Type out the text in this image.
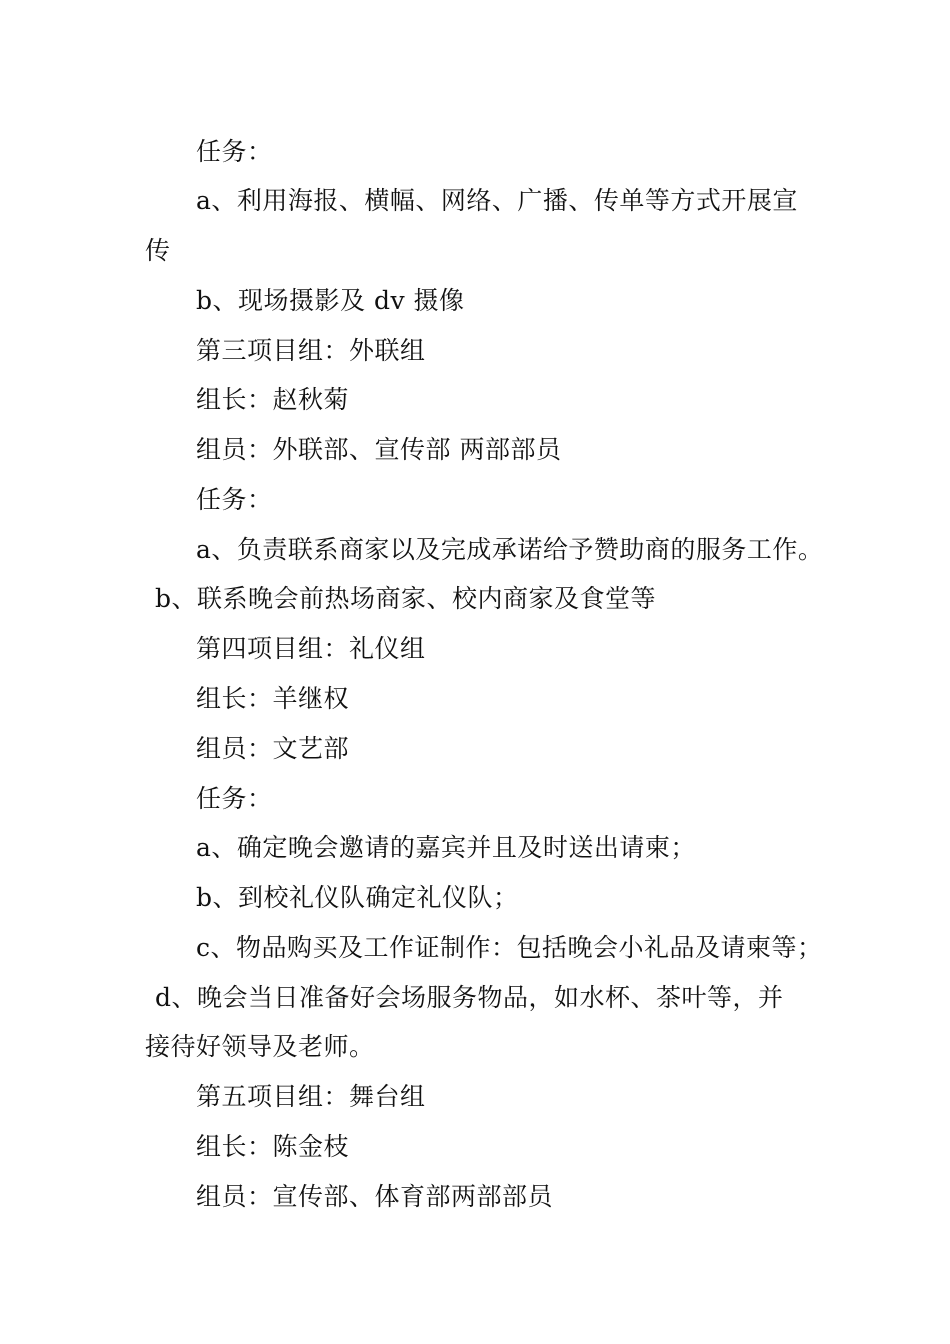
任务：
a、利用海报、横幅、网络、广播、传单等方式开展宣
传
b、现场摄影及 dv 摄像
第三项目组：外联组
组长：赵秋菊
组员：外联部、宣传部 两部部员
任务：
a、负责联系商家以及完成承诺给予赞助商的服务工作。
b、联系晚会前热场商家、校内商家及食堂等
第四项目组：礼仪组
组长：羊继权
组员：文艺部
任务：
a、确定晚会邀请的嘉宾并且及时送出请柬；
b、到校礼仪队确定礼仪队；
c、物品购买及工作证制作：包括晚会小礼品及请柬等；
d、晚会当日准备好会场服务物品，如水杯、茶叶等，并
接待好领导及老师。
第五项目组：舞台组
组长：陈金枝
组员：宣传部、体育部两部部员
